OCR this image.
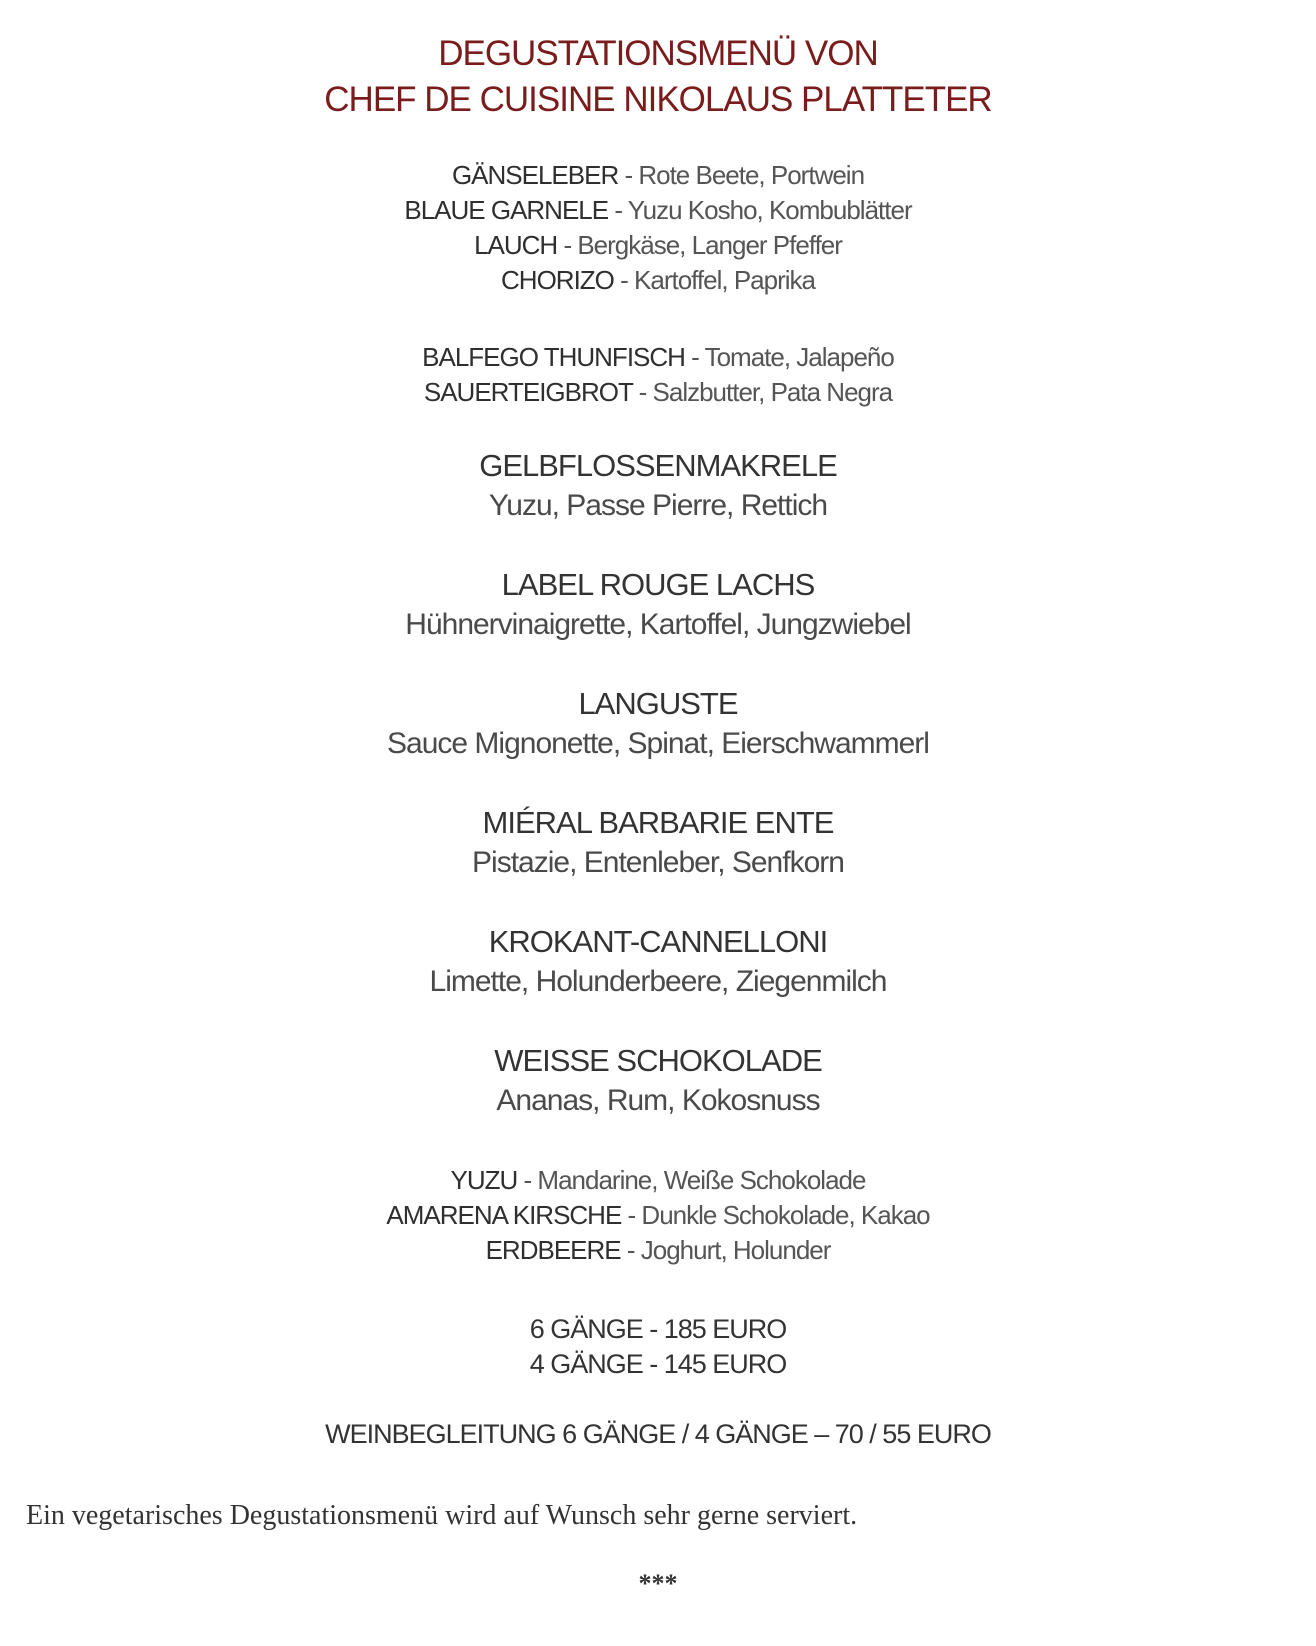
DEGUSTATIONSMENÜ VON
CHEF DE CUISINE NIKOLAUS PLATTETER
GÄNSELEBER - Rote Beete, Portwein
BLAUE GARNELE - Yuzu Kosho, Kombublätter
LAUCH - Bergkäse, Langer Pfeffer
CHORIZO - Kartoffel, Paprika
BALFEGO THUNFISCH - Tomate, Jalapeño
SAUERTEIGBROT - Salzbutter, Pata Negra
GELBFLOSSENMAKRELE
Yuzu, Passe Pierre, Rettich
LABEL ROUGE LACHS
Hühnervinaigrette, Kartoffel, Jungzwiebel
LANGUSTE
Sauce Mignonette, Spinat, Eierschwammerl
MIÉRAL BARBARIE ENTE
Pistazie, Entenleber, Senfkorn
KROKANT-CANNELLONI
Limette, Holunderbeere, Ziegenmilch
WEISSE SCHOKOLADE
Ananas, Rum, Kokosnuss
YUZU - Mandarine, Weiße Schokolade
AMARENA KIRSCHE - Dunkle Schokolade, Kakao
ERDBEERE - Joghurt, Holunder
6 GÄNGE - 185 EURO
4 GÄNGE - 145 EURO
WEINBEGLEITUNG 6 GÄNGE / 4 GÄNGE – 70 / 55 EURO
Ein vegetarisches Degustationsmenü wird auf Wunsch sehr gerne serviert.
***
